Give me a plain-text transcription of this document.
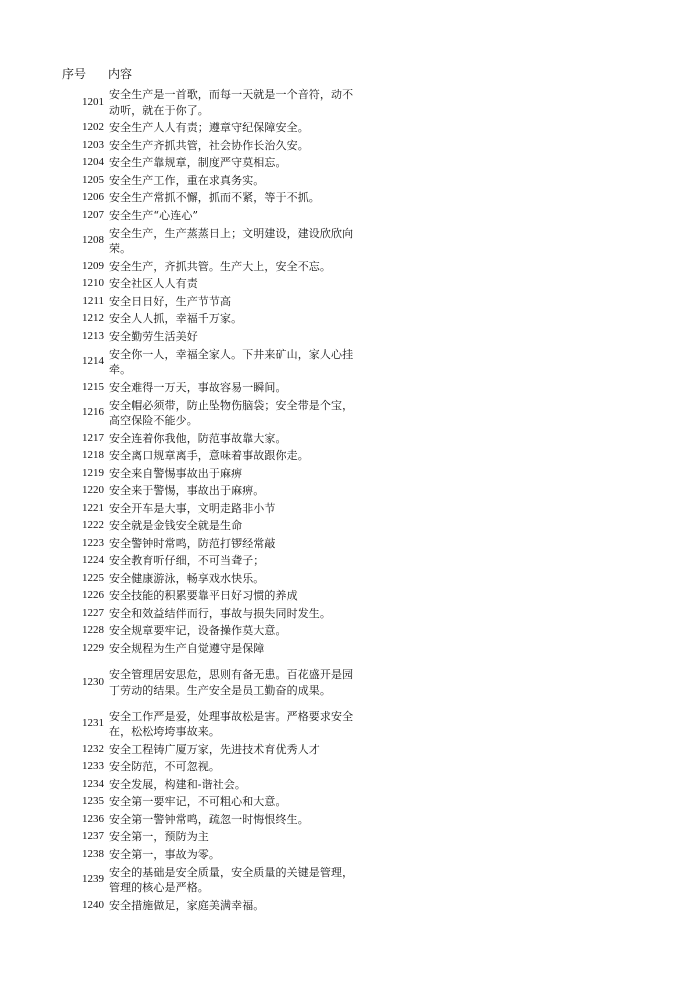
序号	内容
1201
安全生产是一首歌，而每一天就是一个音符，动不动听，就在于你了。
1202 安全生产人人有责；遵章守纪保障安全。
1203 安全生产齐抓共管，社会协作长治久安。
1204 安全生产靠规章，制度严守莫相忘。
1205 安全生产工作，重在求真务实。
1206 安全生产常抓不懈，抓而不紧，等于不抓。
1207 安全生产“心连心”
1208
安全生产，生产蒸蒸日上；文明建设，建设欣欣向荣。
1209 安全生产，齐抓共管。生产大上，安全不忘。
1210 安全社区人人有责
1211 安全日日好，生产节节高
1212 安全人人抓，幸福千万家。
1213 安全勤劳生活美好
1214
安全你一人，幸福全家人。下井来矿山，家人心挂牵。
1215 安全难得一万天，事故容易一瞬间。
1216
安全帽必须带，防止坠物伤脑袋；安全带是个宝，高空保险不能少。
1217 安全连着你我他，防范事故靠大家。
1218 安全离口规章离手，意味着事故跟你走。
1219 安全来自警惕事故出于麻痹
1220 安全来于警惕，事故出于麻痹。
1221 安全开车是大事，文明走路非小节
1222 安全就是金钱安全就是生命
1223 安全警钟时常鸣，防范打锣经常敲
1224 安全教育听仔细，不可当聋子；
1225 安全健康游泳，畅享戏水快乐。
1226 安全技能的积累要靠平日好习惯的养成
1227 安全和效益结伴而行，事故与损失同时发生。
1228 安全规章要牢记，设备操作莫大意。
1229 安全规程为生产自觉遵守是保障
1230
安全管理居安思危，思则有备无患。百花盛开是园丁劳动的结果。生产安全是员工勤奋的成果。
1231
安全工作严是爱，处理事故松是害。严格要求安全在，松松垮垮事故来。
1232 安全工程铸广厦万家，先进技术育优秀人才
1233 安全防范，不可忽视。
1234 安全发展，构建和-谐社会。
1235 安全第一要牢记，不可粗心和大意。
1236 安全第一警钟常鸣，疏忽一时悔恨终生。
1237 安全第一，预防为主
1238 安全第一，事故为零。
1239
安全的基础是安全质量，安全质量的关键是管理，管理的核心是严格。
1240 安全措施做足，家庭美满幸福。
